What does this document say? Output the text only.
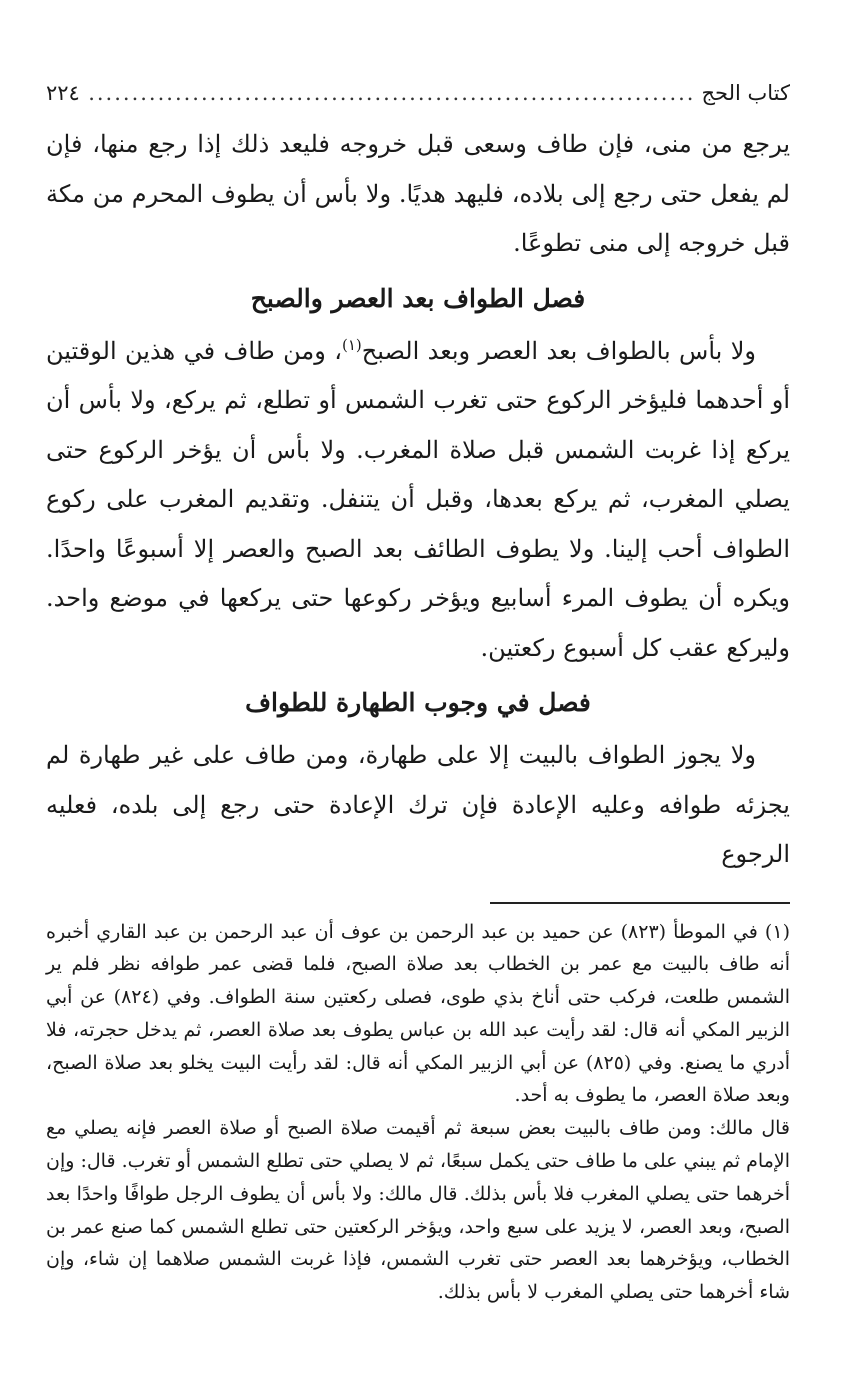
كتاب الحج
.....
٢٢٤

يرجع من منى، فإن طاف وسعى قبل خروجه فليعد ذلك إذا رجع منها، فإن لم يفعل حتى رجع إلى بلاده، فليهد هديًا. ولا بأس أن يطوف المحرم من مكة قبل خروجه إلى منى تطوعًا.

فصل الطواف بعد العصر والصبح

ولا بأس بالطواف بعد العصر وبعد الصبح$^{(١)}$، ومن طاف في هذين الوقتين أو أحدهما فليؤخر الركوع حتى تغرب الشمس أو تطلع، ثم يركع، ولا بأس أن يركع إذا غربت الشمس قبل صلاة المغرب. ولا بأس أن يؤخر الركوع حتى يصلي المغرب، ثم يركع بعدها، وقبل أن يتنفل. وتقديم المغرب على ركوع الطواف أحب إلينا. ولا يطوف الطائف بعد الصبح والعصر إلا أسبوعًا واحدًا. ويكره أن يطوف المرء أسابيع ويؤخر ركوعها حتى يركعها في موضع واحد. وليركع عقب كل أسبوع ركعتين.

فصل في وجوب الطهارة للطواف

ولا يجوز الطواف بالبيت إلا على طهارة، ومن طاف على غير طهارة لم يجزئه طوافه وعليه الإعادة فإن ترك الإعادة حتى رجع إلى بلده، فعليه الرجوع

(١) في الموطأ (٨٢٣) عن حميد بن عبد الرحمن بن عوف أن عبد الرحمن بن عبد القاري أخبره أنه طاف بالبيت مع عمر بن الخطاب بعد صلاة الصبح، فلما قضى عمر طوافه نظر فلم ير الشمس طلعت، فركب حتى أناخ بذي طوى، فصلى ركعتين سنة الطواف. وفي (٨٢٤) عن أبي الزبير المكي أنه قال: لقد رأيت عبد الله بن عباس يطوف بعد صلاة العصر، ثم يدخل حجرته، فلا أدري ما يصنع. وفي (٨٢٥) عن أبي الزبير المكي أنه قال: لقد رأيت البيت يخلو بعد صلاة الصبح، وبعد صلاة العصر، ما يطوف به أحد.

قال مالك: ومن طاف بالبيت بعض سبعة ثم أقيمت صلاة الصبح أو صلاة العصر فإنه يصلي مع الإمام ثم يبني على ما طاف حتى يكمل سبعًا، ثم لا يصلي حتى تطلع الشمس أو تغرب. قال: وإن أخرهما حتى يصلي المغرب فلا بأس بذلك. قال مالك: ولا بأس أن يطوف الرجل طوافًا واحدًا بعد الصبح، وبعد العصر، لا يزيد على سبع واحد، ويؤخر الركعتين حتى تطلع الشمس كما صنع عمر بن الخطاب، ويؤخرهما بعد العصر حتى تغرب الشمس، فإذا غربت الشمس صلاهما إن شاء، وإن شاء أخرهما حتى يصلي المغرب لا بأس بذلك.
